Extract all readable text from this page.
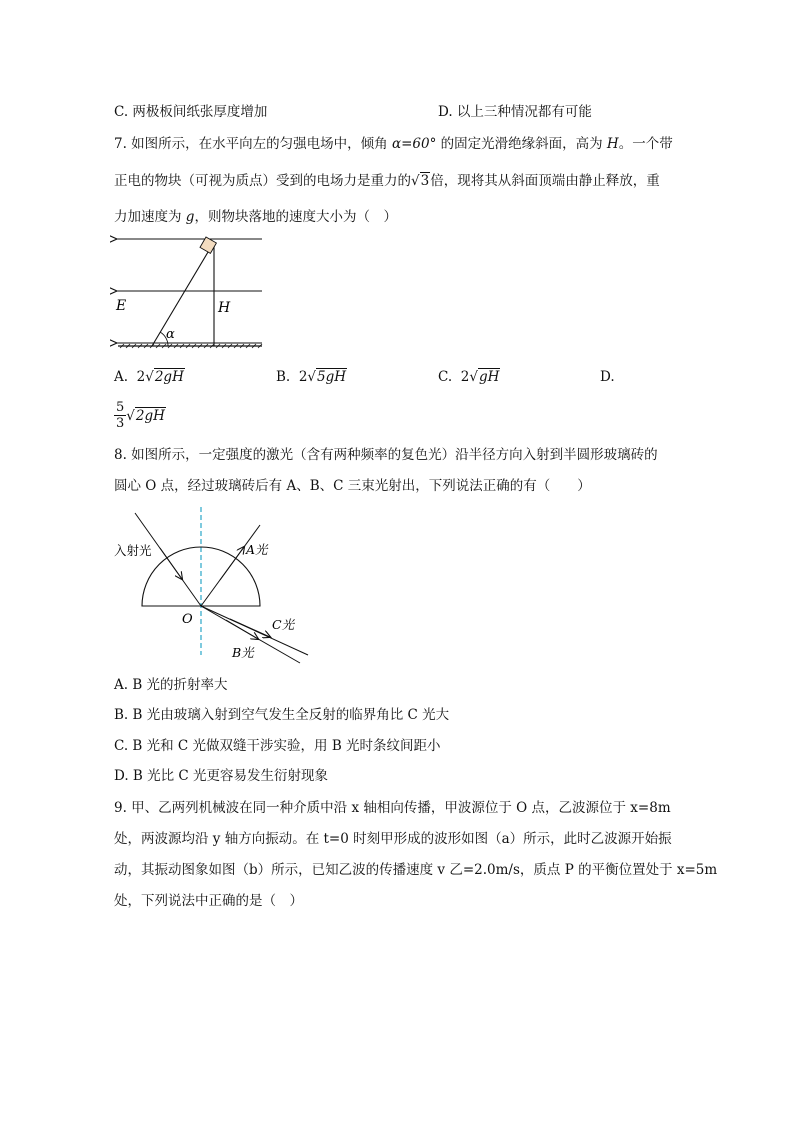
C. 两极板间纸张厚度增加	D. 以上三种情况都有可能
7. 如图所示，在水平向左的匀强电场中，倾角 α=60° 的固定光滑绝缘斜面，高为 H。一个带
正电的物块（可视为质点）受到的电场力是重力的√3倍，现将其从斜面顶端由静止释放，重
力加速度为 g，则物块落地的速度大小为（　）
E	H
α
A. 2√2gH	B. 2√5gH	C. 2√gH	D.
$\frac{5}{3} √2gH$
8. 如图所示，一定强度的激光（含有两种频率的复色光）沿半径方向入射到半圆形玻璃砖的
圆心 O 点，经过玻璃砖后有 A、B、C 三束光射出，下列说法正确的有（　　）
入射光	A光
O	C光
B光
A. B 光的折射率大
B. B 光由玻璃入射到空气发生全反射的临界角比 C 光大
C. B 光和 C 光做双缝干涉实验，用 B 光时条纹间距小
D. B 光比 C 光更容易发生衍射现象
9. 甲、乙两列机械波在同一种介质中沿 x 轴相向传播，甲波源位于 O 点，乙波源位于 x=8m
处，两波源均沿 y 轴方向振动。在 t=0 时刻甲形成的波形如图（a）所示，此时乙波源开始振
动，其振动图象如图（b）所示，已知乙波的传播速度 v 乙=2.0m/s，质点 P 的平衡位置处于 x=5m
处，下列说法中正确的是（　）
